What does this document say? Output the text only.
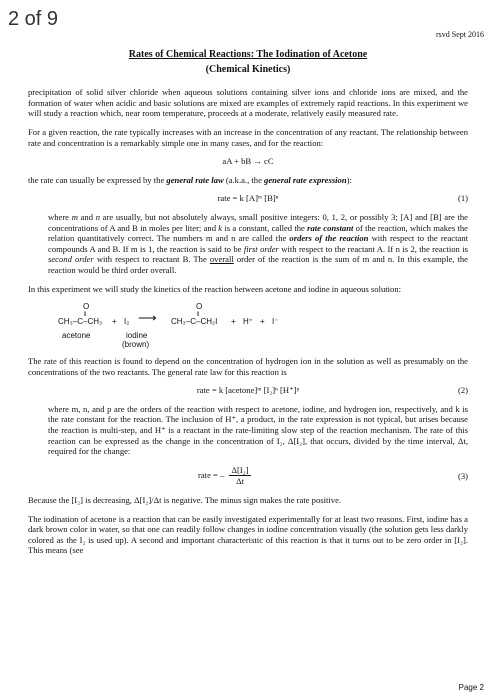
2 of 9
rsvd Sept 2016
Rates of Chemical Reactions: The Iodination of Acetone
(Chemical Kinetics)

precipitation of solid silver chloride when aqueous solutions containing silver ions and chloride ions are mixed, and the formation of water when acidic and basic solutions are mixed are examples of extremely rapid reactions. In this experiment we will study a reaction which, near room temperature, proceeds at a moderate, relatively easily measured rate.

For a given reaction, the rate typically increases with an increase in the concentration of any reactant. The relationship between rate and concentration is a remarkably simple one in many cases, and for the reaction:

aA + bB → cC

the rate can usually be expressed by the general rate law (a.k.a., the general rate expression):

rate = k [A]ᵐ [B]ⁿ	(1)

where m and n are usually, but not absolutely always, small positive integers: 0, 1, 2, or possibly 3; [A] and [B] are the concentrations of A and B in moles per liter; and k is a constant, called the rate constant of the reaction, which makes the relation quantitatively correct. The numbers m and n are called the orders of the reaction with respect to the reactant compounds A and B. If m is 1, the reaction is said to be first order with respect to the reactant A. If n is 2, the reaction is second order with respect to reactant B. The overall order of the reaction is the sum of m and n. In this example, the reaction would be third order overall.

In this experiment we will study the kinetics of the reaction between acetone and iodine in aqueous solution:

O
‖
CH₃–C–CH₃ + I₂ ⟶
O
‖
CH₃–C–CH₂I + H⁺ + I⁻
acetone	iodine
(brown)

The rate of this reaction is found to depend on the concentration of hydrogen ion in the solution as well as presumably on the concentrations of the two reactants. The general rate law for this reaction is

rate = k [acetone]ᵐ [I₂]ⁿ [H⁺]ᵖ	(2)

where m, n, and p are the orders of the reaction with respect to acetone, iodine, and hydrogen ion, respectively, and k is the rate constant for the reaction. The inclusion of H⁺, a product, in the rate expression is not typical, but arises because the reaction is multi-step, and H⁺ is a reactant in the rate-limiting slow step of the reaction mechanism. The rate of this reaction can be expressed as the change in the concentration of I₂, Δ[I₂], that occurs, divided by the time interval, Δt, required for the change:

rate = – $\frac{\text{Δ[I₂]}}{\Delta t}$	(3)

Because the [I₂] is decreasing, Δ[I₂]/Δt is negative. The minus sign makes the rate positive.

The iodination of acetone is a reaction that can be easily investigated experimentally for at least two reasons. First, iodine has a dark brown color in water, so that one can readily follow changes in iodine concentration visually (the solution gets less darkly colored as the I₂ is used up). A second and important characteristic of this reaction is that it turns out to be zero order in [I₂]. This means (see

Page 2
